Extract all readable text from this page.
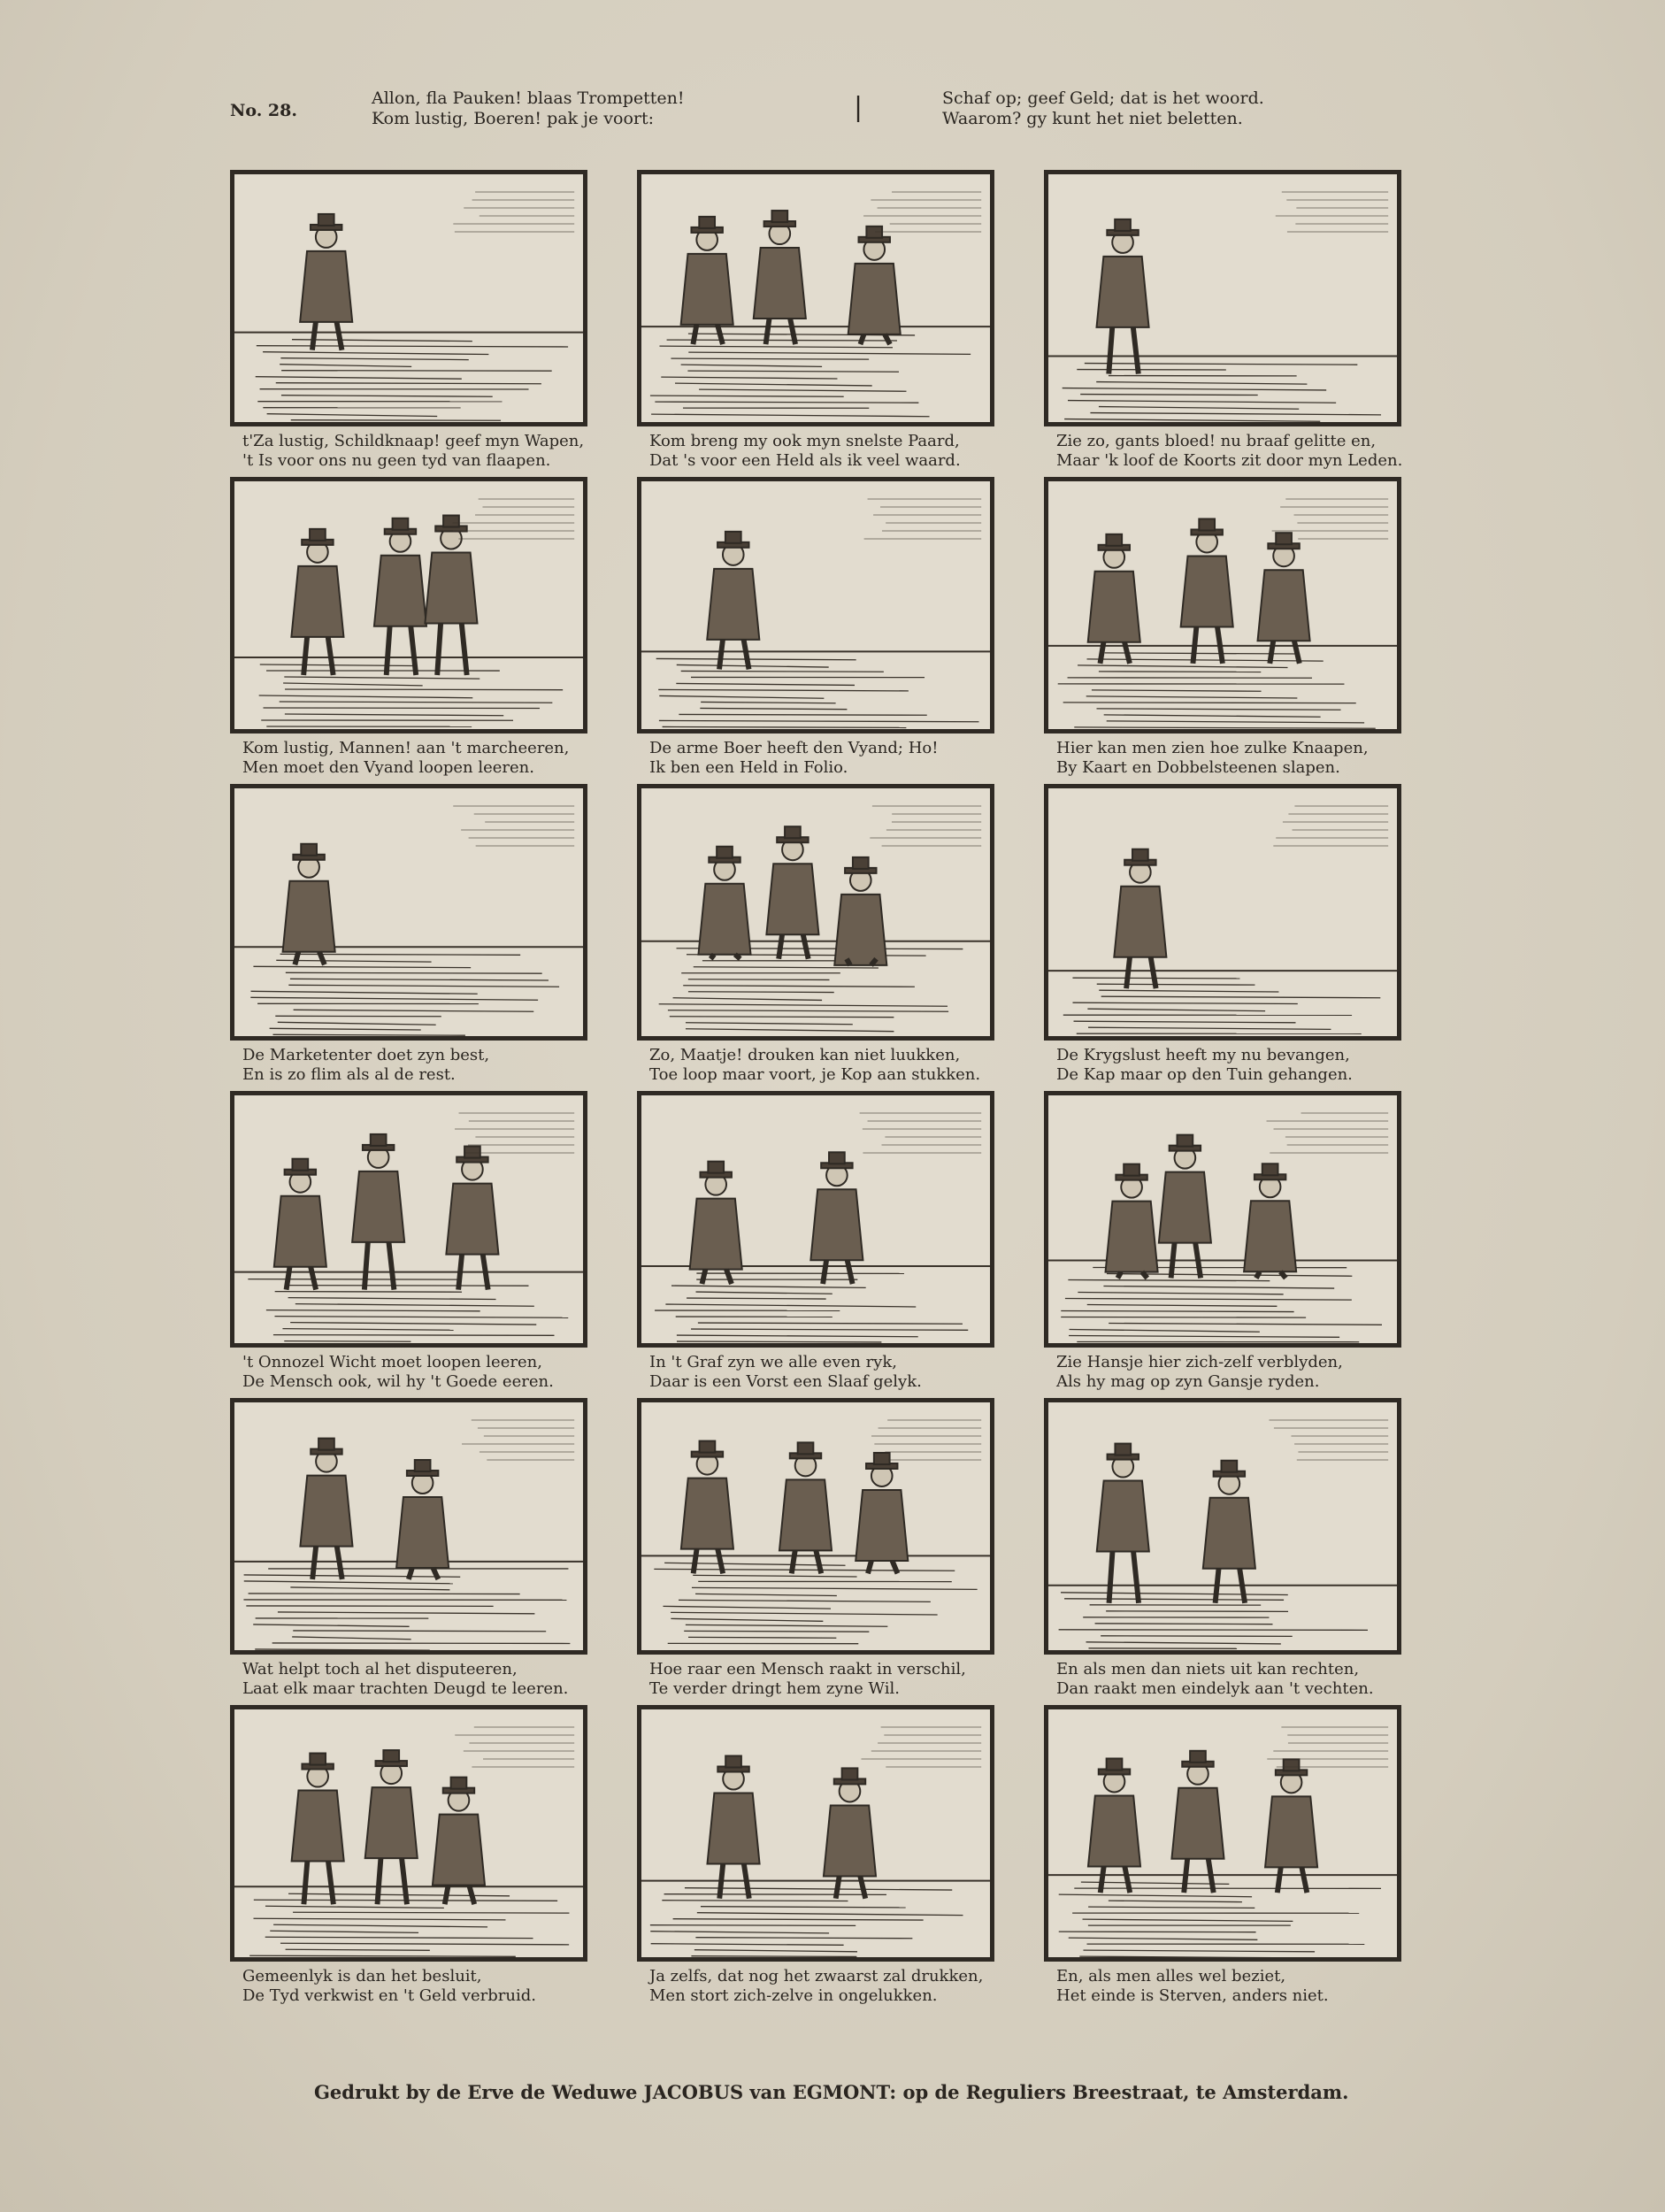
No. 28.
Allon, fla Pauken! blaas Trompetten!
Kom lustig, Boeren! pak je voort:	|	Schaf op; geef Geld; dat is het woord.
Waarom? gy kunt het niet beletten.
t'Za lustig, Schildknaap! geef myn Wapen,
't Is voor ons nu geen tyd van flaapen.
Kom breng my ook myn snelste Paard,
Dat 's voor een Held als ik veel waard.
Zie zo, gants bloed! nu braaf gelitte en,
Maar 'k loof de Koorts zit door myn Leden.
Kom lustig, Mannen! aan 't marcheeren,
Men moet den Vyand loopen leeren.
De arme Boer heeft den Vyand; Ho!
Ik ben een Held in Folio.
Hier kan men zien hoe zulke Knaapen,
By Kaart en Dobbelsteenen slapen.
De Marketenter doet zyn best,
En is zo flim als al de rest.
Zo, Maatje! drouken kan niet luukken,
Toe loop maar voort, je Kop aan stukken.
De Krygslust heeft my nu bevangen,
De Kap maar op den Tuin gehangen.
't Onnozel Wicht moet loopen leeren,
De Mensch ook, wil hy 't Goede eeren.
In 't Graf zyn we alle even ryk,
Daar is een Vorst een Slaaf gelyk.
Zie Hansje hier zich-zelf verblyden,
Als hy mag op zyn Gansje ryden.
Wat helpt toch al het disputeeren,
Laat elk maar trachten Deugd te leeren.
Hoe raar een Mensch raakt in verschil,
Te verder dringt hem zyne Wil.
En als men dan niets uit kan rechten,
Dan raakt men eindelyk aan 't vechten.
Gemeenlyk is dan het besluit,
De Tyd verkwist en 't Geld verbruid.
Ja zelfs, dat nog het zwaarst zal drukken,
Men stort zich-zelve in ongelukken.
En, als men alles wel beziet,
Het einde is Sterven, anders niet.
Gedrukt by de Erve de Weduwe JACOBUS van EGMONT: op de Reguliers Breestraat, te Amsterdam.
